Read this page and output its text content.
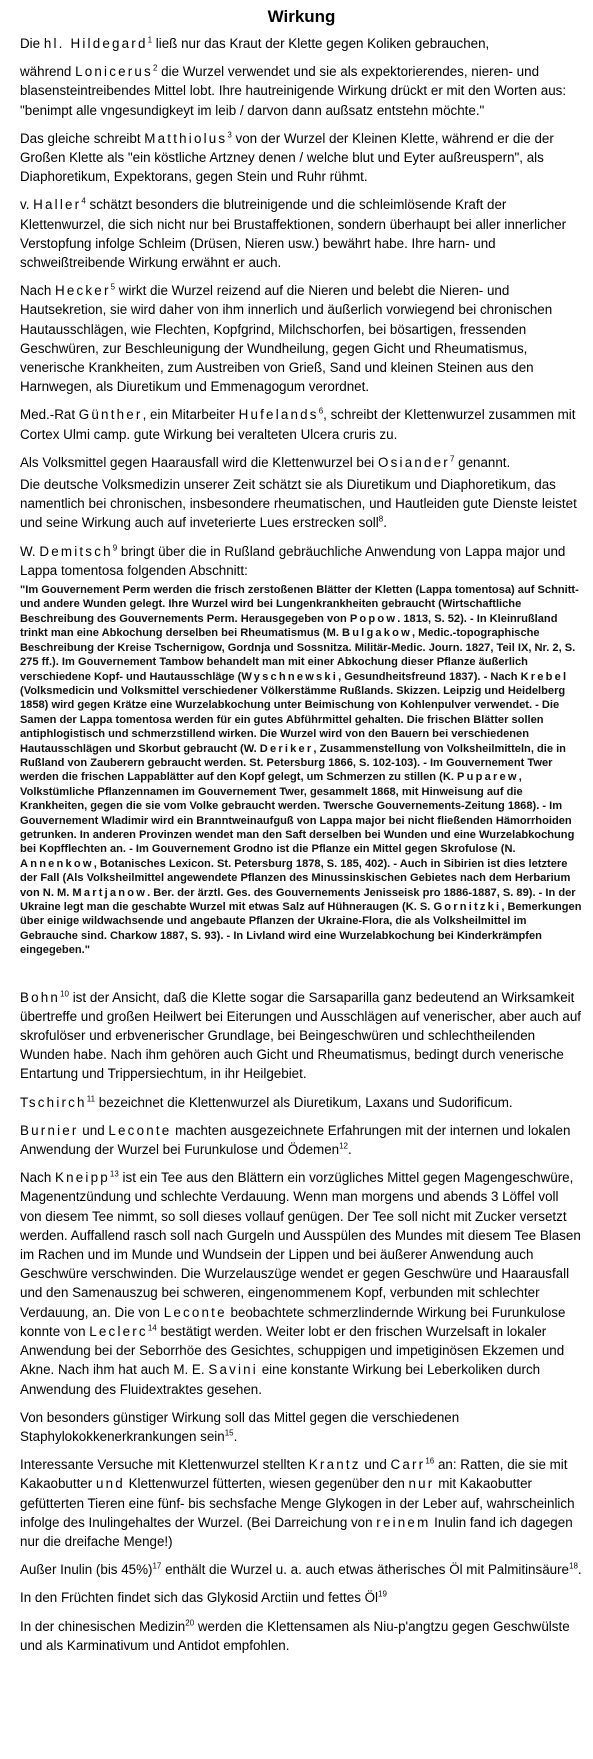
Wirkung

Die hl. Hildegard$^1$ ließ nur das Kraut der Klette gegen Koliken gebrauchen,

während Lonicerus$^2$ die Wurzel verwendet und sie als expektorierendes, nieren- und blasensteintreibendes Mittel lobt. Ihre hautreinigende Wirkung drückt er mit den Worten aus: "benimpt alle vngesundigkeyt im leib / darvon dann außsatz entstehn möchte."

Das gleiche schreibt Matthiolus$^3$ von der Wurzel der Kleinen Klette, während er die der Großen Klette als "ein köstliche Artzney denen / welche blut und Eyter außreuspern", als Diaphoretikum, Expektorans, gegen Stein und Ruhr rühmt.

v. Haller$^4$ schätzt besonders die blutreinigende und die schleimlösende Kraft der Klettenwurzel, die sich nicht nur bei Brustaffektionen, sondern überhaupt bei aller innerlicher Verstopfung infolge Schleim (Drüsen, Nieren usw.) bewährt habe. Ihre harn- und schweißtreibende Wirkung erwähnt er auch.

Nach Hecker$^5$ wirkt die Wurzel reizend auf die Nieren und belebt die Nieren- und Hautsekretion, sie wird daher von ihm innerlich und äußerlich vorwiegend bei chronischen Hautausschlägen, wie Flechten, Kopfgrind, Milchschorfen, bei bösartigen, fressenden Geschwüren, zur Beschleunigung der Wundheilung, gegen Gicht und Rheumatismus, venerische Krankheiten, zum Austreiben von Grieß, Sand und kleinen Steinen aus den Harnwegen, als Diuretikum und Emmenagogum verordnet.

Med.-Rat Günther, ein Mitarbeiter Hufelands$^6$, schreibt der Klettenwurzel zusammen mit Cortex Ulmi camp. gute Wirkung bei veralteten Ulcera cruris zu.

Als Volksmittel gegen Haarausfall wird die Klettenwurzel bei Osiander$^7$ genannt.

Die deutsche Volksmedizin unserer Zeit schätzt sie als Diuretikum und Diaphoretikum, das namentlich bei chronischen, insbesondere rheumatischen, und Hautleiden gute Dienste leistet und seine Wirkung auch auf inveterierte Lues erstrecken soll$^8$.

W. Demitsch$^9$ bringt über die in Rußland gebräuchliche Anwendung von Lappa major und Lappa tomentosa folgenden Abschnitt:

"Im Gouvernement Perm werden die frisch zerstoßenen Blätter der Kletten (Lappa tomentosa) auf Schnitt- und andere Wunden gelegt. Ihre Wurzel wird bei Lungenkrankheiten gebraucht (Wirtschaftliche Beschreibung des Gouvernements Perm. Herausgegeben von Popow. 1813, S. 52). - In Kleinrußland trinkt man eine Abkochung derselben bei Rheumatismus (M. Bulgakow, Medic.-topographische Beschreibung der Kreise Tschernigow, Gordnja und Sossnitza. Militär-Medic. Journ. 1827, Teil IX, Nr. 2, S. 275 ff.). Im Gouvernement Tambow behandelt man mit einer Abkochung dieser Pflanze äußerlich verschiedene Kopf- und Hautausschläge (Wyschnewski, Gesundheitsfreund 1837). - Nach Krebel (Volksmedicin und Volksmittel verschiedener Völkerstämme Rußlands. Skizzen. Leipzig und Heidelberg 1858) wird gegen Krätze eine Wurzelabkochung unter Beimischung von Kohlenpulver verwendet. - Die Samen der Lappa tomentosa werden für ein gutes Abführmittel gehalten. Die frischen Blätter sollen antiphlogistisch und schmerzstillend wirken. Die Wurzel wird von den Bauern bei verschiedenen Hautausschlägen und Skorbut gebraucht (W. Deriker, Zusammenstellung von Volksheilmitteln, die in Rußland von Zauberern gebraucht werden. St. Petersburg 1866, S. 102-103). - Im Gouvernement Twer werden die frischen Lappablätter auf den Kopf gelegt, um Schmerzen zu stillen (K. Puparew, Volkstümliche Pflanzennamen im Gouvernement Twer, gesammelt 1868, mit Hinweisung auf die Krankheiten, gegen die sie vom Volke gebraucht werden. Twersche Gouvernements-Zeitung 1868). - Im Gouvernement Wladimir wird ein Branntweinaufguß von Lappa major bei nicht fließenden Hämorrhoiden getrunken. In anderen Provinzen wendet man den Saft derselben bei Wunden und eine Wurzelabkochung bei Kopfflechten an. - Im Gouvernement Grodno ist die Pflanze ein Mittel gegen Skrofulose (N. Annenkow, Botanisches Lexicon. St. Petersburg 1878, S. 185, 402). - Auch in Sibirien ist dies letztere der Fall (Als Volksheilmittel angewendete Pflanzen des Minussinskischen Gebietes nach dem Herbarium von N. M. Martjanow. Ber. der ärztl. Ges. des Gouvernements Jenisseisk pro 1886-1887, S. 89). - In der Ukraine legt man die geschabte Wurzel mit etwas Salz auf Hühneraugen (K. S. Gornitzki, Bemerkungen über einige wildwachsende und angebaute Pflanzen der Ukraine-Flora, die als Volksheilmittel im Gebrauche sind. Charkow 1887, S. 93). - In Livland wird eine Wurzelabkochung bei Kinderkrämpfen eingegeben."

Bohn$^{10}$ ist der Ansicht, daß die Klette sogar die Sarsaparilla ganz bedeutend an Wirksamkeit übertreffe und großen Heilwert bei Eiterungen und Ausschlägen auf venerischer, aber auch auf skrofulöser und erbvenerischer Grundlage, bei Beingeschwüren und schlechtheilenden Wunden habe. Nach ihm gehören auch Gicht und Rheumatismus, bedingt durch venerische Entartung und Trippersiechtum, in ihr Heilgebiet.

Tschirch$^{11}$ bezeichnet die Klettenwurzel als Diuretikum, Laxans und Sudorificum.

Burnier und Leconte machten ausgezeichnete Erfahrungen mit der internen und lokalen Anwendung der Wurzel bei Furunkulose und Ödemen$^{12}$.

Nach Kneipp$^{13}$ ist ein Tee aus den Blättern ein vorzügliches Mittel gegen Magengeschwüre, Magenentzündung und schlechte Verdauung. Wenn man morgens und abends 3 Löffel voll von diesem Tee nimmt, so soll dieses vollauf genügen. Der Tee soll nicht mit Zucker versetzt werden. Auffallend rasch soll nach Gurgeln und Ausspülen des Mundes mit diesem Tee Blasen im Rachen und im Munde und Wundsein der Lippen und bei äußerer Anwendung auch Geschwüre verschwinden. Die Wurzelauszüge wendet er gegen Geschwüre und Haarausfall und den Samenauszug bei schweren, eingenommenem Kopf, verbunden mit schlechter Verdauung, an. Die von Leconte beobachtete schmerzlindernde Wirkung bei Furunkulose konnte von Leclerc$^{14}$ bestätigt werden. Weiter lobt er den frischen Wurzelsaft in lokaler Anwendung bei der Seborrhöe des Gesichtes, schuppigen und impetiginösen Ekzemen und Akne. Nach ihm hat auch M. E. Savini eine konstante Wirkung bei Leberkoliken durch Anwendung des Fluidextraktes gesehen.

Von besonders günstiger Wirkung soll das Mittel gegen die verschiedenen Staphylokokkenerkrankungen sein$^{15}$.

Interessante Versuche mit Klettenwurzel stellten Krantz und Carr$^{16}$ an: Ratten, die sie mit Kakaobutter und Klettenwurzel fütterten, wiesen gegenüber den nur mit Kakaobutter gefütterten Tieren eine fünf- bis sechsfache Menge Glykogen in der Leber auf, wahrscheinlich infolge des Inulingehaltes der Wurzel. (Bei Darreichung von reinem Inulin fand ich dagegen nur die dreifache Menge!)

Außer Inulin (bis 45%)$^{17}$ enthält die Wurzel u. a. auch etwas ätherisches Öl mit Palmitinsäure$^{18}$.

In den Früchten findet sich das Glykosid Arctiin und fettes $Öl^{19}$

In der chinesischen Medizin$^{20}$ werden die Klettensamen als Niu-p'angtzu gegen Geschwülste und als Karminativum und Antidot empfohlen.
